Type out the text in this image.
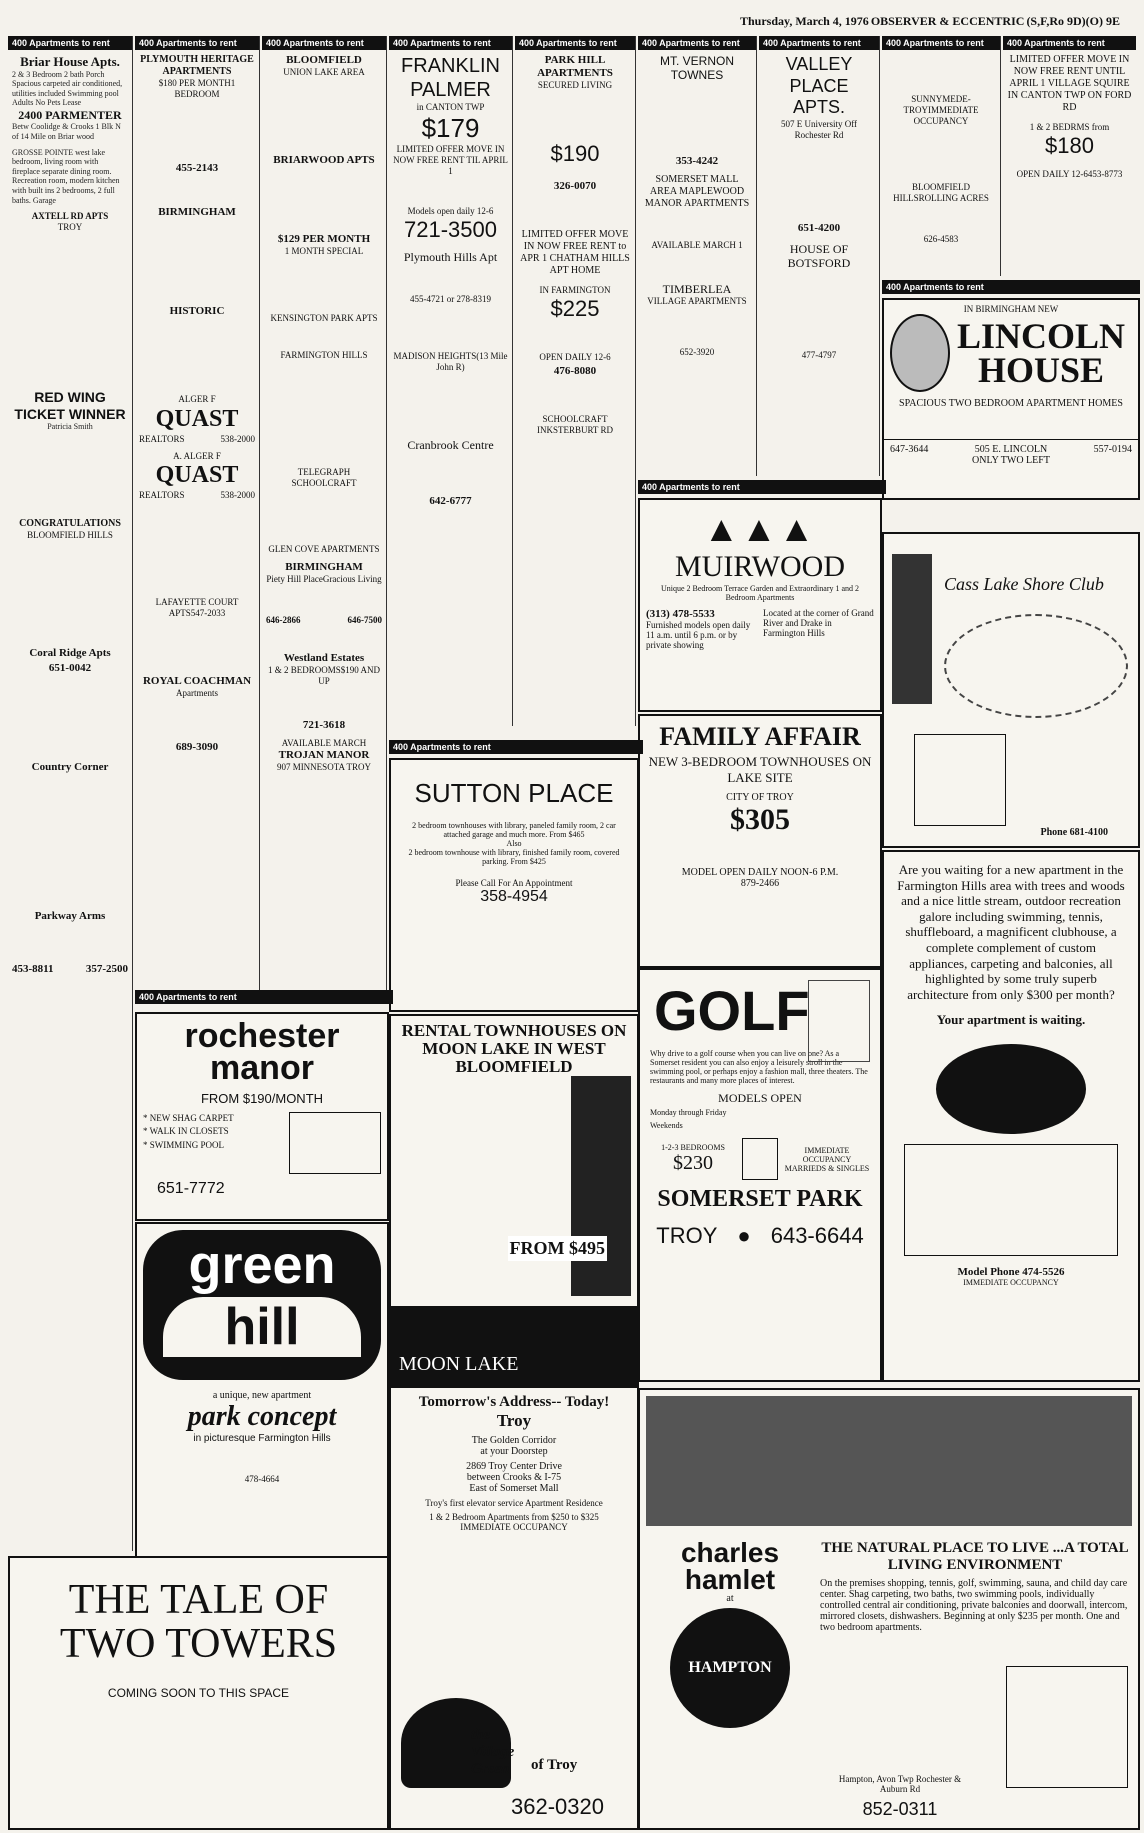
Thursday, March 4, 1976 OBSERVER & ECCENTRIC (S,F,Ro 9D)(O) 9E
400 Apartments to rent
Briar House Apts.
2 & 3 Bedroom 2 bath Porch Spacious carpeted air conditioned, utilities included Swimming pool Adults No Pets Lease
2400 PARMENTER
Betw Coolidge & Crooks 1 Blk N of 14 Mile on Briar wood
GROSSE POINTE west lake bedroom, living room with fireplace separate dining room. Recreation room, modern kitchen with built ins 2 bedrooms, 2 full baths. Garage
AXTELL RD APTS
TROY
RED WING TICKET WINNER
Patricia Smith
CONGRATULATIONS
BLOOMFIELD HILLS
Coral Ridge Apts
651-0042
Country Corner
Parkway Arms
453-8811	357-2500
400 Apartments to rent
PLYMOUTH HERITAGE APARTMENTS
$180 PER MONTH1 BEDROOM
455-2143
BIRMINGHAM
HISTORIC
ALGER F
QUAST
REALTORS	538-2000
A. ALGER F
QUAST
REALTORS	538-2000
LAFAYETTE COURT APTS547-2033
ROYAL COACHMAN
Apartments
689-3090
400 Apartments to rent
BLOOMFIELD
UNION LAKE AREA
BRIARWOOD APTS
$129 PER MONTH
1 MONTH SPECIAL
KENSINGTON PARK APTS
FARMINGTON HILLS
TELEGRAPH SCHOOLCRAFT
GLEN COVE APARTMENTS
BIRMINGHAM
Piety Hill PlaceGracious Living
646-2866	646-7500
Westland Estates
1 & 2 BEDROOMS$190 AND UP
721-3618
AVAILABLE MARCH
TROJAN MANOR
907 MINNESOTA TROY
400 Apartments to rent
FRANKLIN PALMER
in CANTON TWP
$179
LIMITED OFFER MOVE IN NOW FREE RENT TIL APRIL 1
Models open daily 12-6
721-3500
Plymouth Hills Apt
455-4721 or 278-8319
MADISON HEIGHTS(13 Mile John R)
Cranbrook Centre
642-6777
400 Apartments to rent
PARK HILL APARTMENTS
SECURED LIVING
$190
326-0070
LIMITED OFFER MOVE IN NOW FREE RENT to APR 1 CHATHAM HILLS APT HOME
IN FARMINGTON
$225
OPEN DAILY 12-6
476-8080
SCHOOLCRAFT INKSTERBURT RD
400 Apartments to rent
MT. VERNON TOWNES
353-4242
SOMERSET MALL AREA MAPLEWOOD MANOR APARTMENTS
AVAILABLE MARCH 1
TIMBERLEA
VILLAGE APARTMENTS
652-3920
400 Apartments to rent
VALLEY PLACE APTS.
507 E University Off Rochester Rd
651-4200
HOUSE OF BOTSFORD
477-4797
400 Apartments to rent
SUNNYMEDE-TROYIMMEDIATE OCCUPANCY
BLOOMFIELD HILLSROLLING ACRES
626-4583
400 Apartments to rent
LIMITED OFFER MOVE IN NOW FREE RENT UNTIL APRIL 1 VILLAGE SQUIRE IN CANTON TWP ON FORD RD
1 & 2 BEDRMS from
$180
OPEN DAILY 12-6453-8773
400 Apartments to rent
IN BIRMINGHAM NEW
LINCOLN HOUSE
SPACIOUS TWO BEDROOM APARTMENT HOMES
647-3644	505 E. LINCOLN	557-0194
ONLY TWO LEFT
Cass Lake Shore Club
Phone 681-4100
400 Apartments to rent
▲▲▲
MUIRWOOD
Unique 2 Bedroom Terrace Garden and Extraordinary 1 and 2 Bedroom Apartments
(313) 478-5533
Furnished models open daily 11 a.m. until 6 p.m. or by private showing
Located at the corner of Grand River and Drake in Farmington Hills
FAMILY AFFAIR
NEW 3-BEDROOM TOWNHOUSES ON LAKE SITE
CITY OF TROY
$305
MODEL OPEN DAILY NOON-6 P.M.
879-2466
400 Apartments to rent
SUTTON PLACE
2 bedroom townhouses with library, paneled family room, 2 car attached garage and much more. From $465
Also
2 bedroom townhouse with library, finished family room, covered parking. From $425
Please Call For An Appointment
358-4954
400 Apartments to rent
rochester manor
FROM $190/MONTH
* NEW SHAG CARPET
* WALK IN CLOSETS
* SWIMMING POOL
651-7772
green
hill
a unique, new apartment
park concept
in picturesque Farmington Hills
478-4664
RENTAL TOWNHOUSES ON MOON LAKE IN WEST BLOOMFIELD
FROM $495
MOON LAKE
GOLF
Why drive to a golf course when you can live on one? As a Somerset resident you can also enjoy a leisurely stroll in the swimming pool, or perhaps enjoy a fashion mall, three theaters. The restaurants and many more places of interest.
MODELS OPEN
Monday through Friday
Weekends
1-2-3 BEDROOMS
$230
IMMEDIATE OCCUPANCY
MARRIEDS & SINGLES
SOMERSET PARK
TROY ● 643-6644
Are you waiting for a new apartment in the Farmington Hills area with trees and woods and a nice little stream, outdoor recreation galore including swimming, tennis, shuffleboard, a magnificent clubhouse, a complete complement of custom appliances, carpeting and balconies, all highlighted by some truly superb architecture from only $300 per month?
Your apartment is waiting.
Model Phone 474-5526
IMMEDIATE OCCUPANCY
Tomorrow's Address-- Today!
Troy
The Golden Corridor
at your Doorstep
2869 Troy Center Drive
between Crooks & I-75
East of Somerset Mall
Troy's first elevator service Apartment Residence
1 & 2 Bedroom Apartments from $250 to $325
IMMEDIATE OCCUPANCY
the Village Green	of Troy
362-0320
THE TALE OF TWO TOWERS
COMING SOON TO THIS SPACE
charles hamlet
at
HAMPTON
THE NATURAL PLACE TO LIVE ...A TOTAL LIVING ENVIRONMENT
On the premises shopping, tennis, golf, swimming, sauna, and child day care center. Shag carpeting, two baths, two swimming pools, individually controlled central air conditioning, private balconies and doorwall, intercom, mirrored closets, dishwashers. Beginning at only $235 per month. One and two bedroom apartments.
Hampton, Avon Twp Rochester & Auburn Rd
852-0311
